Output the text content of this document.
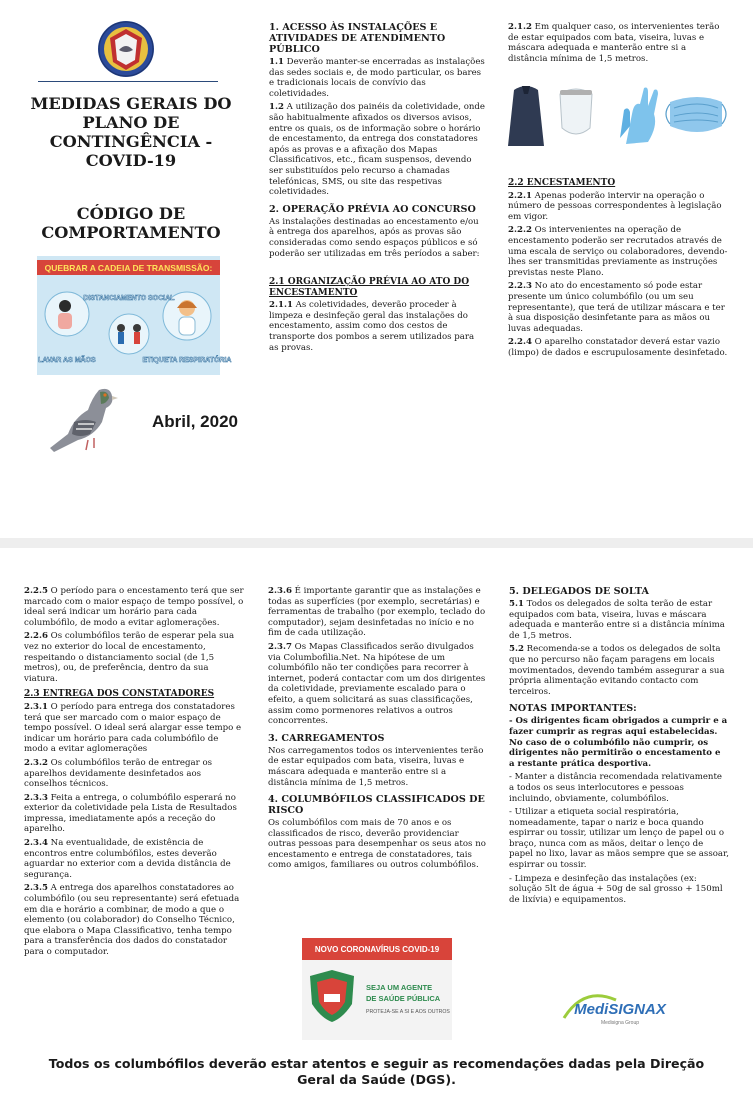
MEDIDAS GERAIS DO PLANO DE CONTINGÊNCIA - COVID-19
CÓDIGO DE COMPORTAMENTO
QUEBRAR A CADEIA DE TRANSMISSÃO:
DISTANCIAMENTO SOCIAL
LAVAR AS MÃOS	ETIQUETA RESPIRATÓRIA
Abril, 2020
1. ACESSO ÀS INSTALAÇÕES E ATIVIDADES DE ATENDIMENTO PÚBLICO

1.1 Deverão manter-se encerradas as instalações das sedes sociais e, de modo particular, os bares e tradicionais locais de convívio das coletividades.

1.2 A utilização dos painéis da coletividade, onde são habitualmente afixados os diversos avisos, entre os quais, os de informação sobre o horário de encestamento, da entrega dos constatadores após as provas e a afixação dos Mapas Classificativos, etc., ficam suspensos, devendo ser substituídos pelo recurso a chamadas telefónicas, SMS, ou site das respetivas coletividades.

2. OPERAÇÃO PRÉVIA AO CONCURSO

As instalações destinadas ao encestamento e/ou à entrega dos aparelhos, após as provas são consideradas como sendo espaços públicos e só poderão ser utilizadas em três períodos a saber:

2.1 ORGANIZAÇÃO PRÉVIA AO ATO DO ENCESTAMENTO

2.1.1 As coletividades, deverão proceder à limpeza e desinfeção geral das instalações do encestamento, assim como dos cestos de transporte dos pombos a serem utilizados para as provas.

2.1.2 Em qualquer caso, os intervenientes terão de estar equipados com bata, viseira, luvas e máscara adequada e manterão entre si a distância mínima de 1,5 metros.

2.2 ENCESTAMENTO

2.2.1 Apenas poderão intervir na operação o número de pessoas correspondentes à legislação em vigor.

2.2.2 Os intervenientes na operação de encestamento poderão ser recrutados através de uma escala de serviço ou colaboradores, devendo-lhes ser transmitidas previamente as instruções previstas neste Plano.

2.2.3 No ato do encestamento só pode estar presente um único columbófilo (ou um seu representante), que terá de utilizar máscara e ter à sua disposição desinfetante para as mãos ou luvas adequadas.

2.2.4 O aparelho constatador deverá estar vazio (limpo) de dados e escrupulosamente desinfetado.

2.2.5 O período para o encestamento terá que ser marcado com o maior espaço de tempo possível, o ideal será indicar um horário para cada columbófilo, de modo a evitar aglomerações.

2.2.6 Os columbófilos terão de esperar pela sua vez no exterior do local de encestamento, respeitando o distanciamento social (de 1,5 metros), ou, de preferência, dentro da sua viatura.

2.3 ENTREGA DOS CONSTATADORES

2.3.1 O período para entrega dos constatadores terá que ser marcado com o maior espaço de tempo possível. O ideal será alargar esse tempo e indicar um horário para cada columbófilo de modo a evitar aglomerações

2.3.2 Os columbófilos terão de entregar os aparelhos devidamente desinfetados aos conselhos técnicos.

2.3.3 Feita a entrega, o columbófilo esperará no exterior da coletividade pela Lista de Resultados impressa, imediatamente após a receção do aparelho.

2.3.4 Na eventualidade, de existência de encontros entre columbófilos, estes deverão aguardar no exterior com a devida distância de segurança.

2.3.5 A entrega dos aparelhos constatadores ao columbófilo (ou seu representante) será efetuada em dia e horário a combinar, de modo a que o elemento (ou colaborador) do Conselho Técnico, que elabora o Mapa Classificativo, tenha tempo para a transferência dos dados do constatador para o computador.

2.3.6 É importante garantir que as instalações e todas as superfícies (por exemplo, secretárias) e ferramentas de trabalho (por exemplo, teclado do computador), sejam desinfetadas no início e no fim de cada utilização.

2.3.7 Os Mapas Classificados serão divulgados via Columbofilia.Net. Na hipótese de um columbófilo não ter condições para recorrer à internet, poderá contactar com um dos dirigentes da coletividade, previamente escalado para o efeito, a quem solicitará as suas classificações, assim como pormenores relativos a outros concorrentes.

3. CARREGAMENTOS

Nos carregamentos todos os intervenientes terão de estar equipados com bata, viseira, luvas e máscara adequada e manterão entre si a distância mínima de 1,5 metros.

4. COLUMBÓFILOS CLASSIFICADOS DE RISCO

Os columbófilos com mais de 70 anos e os classificados de risco, deverão providenciar outras pessoas para desempenhar os seus atos no encestamento e entrega de constatadores, tais como amigos, familiares ou outros columbófilos.

NOVO CORONAVÍRUS COVID-19
SEJA UM AGENTE
DE SAÚDE PÚBLICA
PROTEJA-SE A SI E AOS OUTROS
5. DELEGADOS DE SOLTA

5.1 Todos os delegados de solta terão de estar equipados com bata, viseira, luvas e máscara adequada e manterão entre si a distância mínima de 1,5 metros.

5.2 Recomenda-se a todos os delegados de solta que no percurso não façam paragens em locais movimentados, devendo também assegurar a sua própria alimentação evitando contacto com terceiros.

NOTAS IMPORTANTES:

- Os dirigentes ficam obrigados a cumprir e a fazer cumprir as regras aqui estabelecidas. No caso de o columbófilo não cumprir, os dirigentes não permitirão o encestamento e a restante prática desportiva.

- Manter a distância recomendada relativamente a todos os seus interlocutores e pessoas incluindo, obviamente, columbófilos.

- Utilizar a etiqueta social respiratória, nomeadamente, tapar o nariz e boca quando espirrar ou tossir, utilizar um lenço de papel ou o braço, nunca com as mãos, deitar o lenço de papel no lixo, lavar as mãos sempre que se assoar, espirrar ou tossir.

- Limpeza e desinfeção das instalações (ex: solução 5lt de água + 50g de sal grosso + 150ml de lixívia) e equipamentos.

MediSIGNAX
Medisigna Group
Todos os columbófilos deverão estar atentos e seguir as recomendações dadas pela Direção Geral da Saúde (DGS).
